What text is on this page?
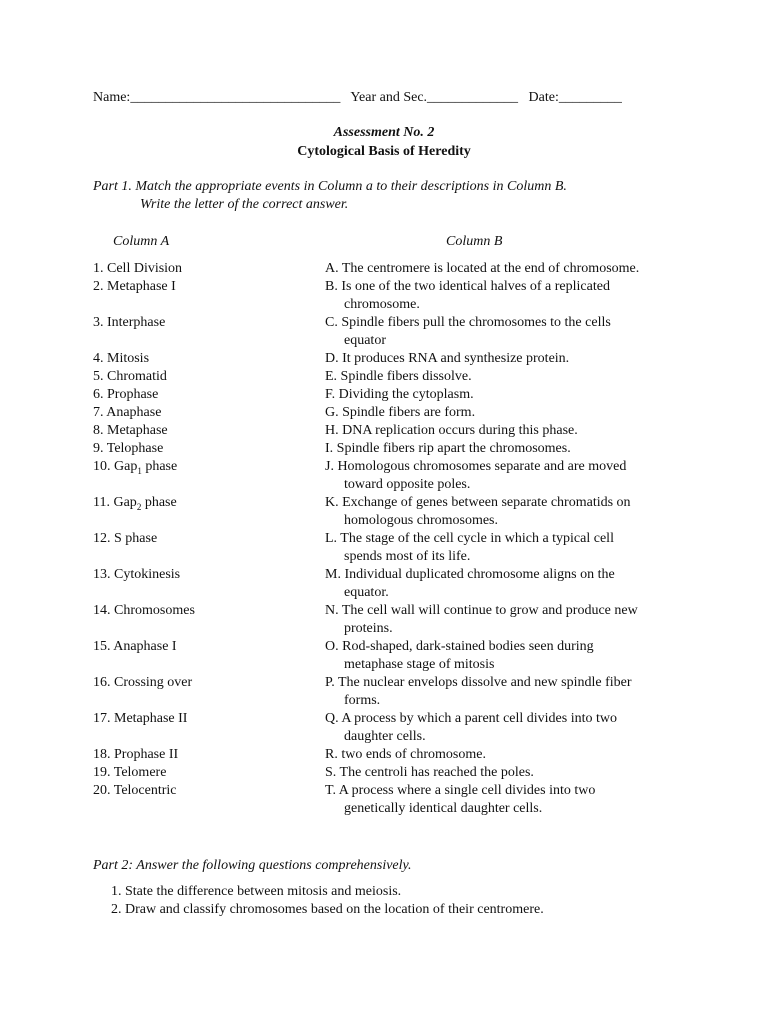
Name:______________________________ Year and Sec._____________ Date:_________
Assessment No. 2
Cytological Basis of Heredity
Part 1. Match the appropriate events in Column a to their descriptions in Column B.
Write the letter of the correct answer.
Column A	Column B
1. Cell Division	A. The centromere is located at the end of chromosome.
2. Metaphase I	B. Is one of the two identical halves of a replicated
chromosome.
3. Interphase	C. Spindle fibers pull the chromosomes to the cells
equator
4. Mitosis	D. It produces RNA and synthesize protein.
5. Chromatid	E. Spindle fibers dissolve.
6. Prophase	F. Dividing the cytoplasm.
7. Anaphase	G. Spindle fibers are form.
8. Metaphase	H. DNA replication occurs during this phase.
9. Telophase	I. Spindle fibers rip apart the chromosomes.
10. Gap$_1$ phase	J. Homologous chromosomes separate and are moved
toward opposite poles.
11. Gap$_2$ phase	K. Exchange of genes between separate chromatids on
homologous chromosomes.
12. S phase	L. The stage of the cell cycle in which a typical cell
spends most of its life.
13. Cytokinesis	M. Individual duplicated chromosome aligns on the
equator.
14. Chromosomes	N. The cell wall will continue to grow and produce new
proteins.
15. Anaphase I	O. Rod-shaped, dark-stained bodies seen during
metaphase stage of mitosis
16. Crossing over	P. The nuclear envelops dissolve and new spindle fiber
forms.
17. Metaphase II	Q. A process by which a parent cell divides into two
daughter cells.
18. Prophase II	R. two ends of chromosome.
19. Telomere	S. The centroli has reached the poles.
20. Telocentric	T. A process where a single cell divides into two
genetically identical daughter cells.
Part 2: Answer the following questions comprehensively.
1. State the difference between mitosis and meiosis.
2. Draw and classify chromosomes based on the location of their centromere.
